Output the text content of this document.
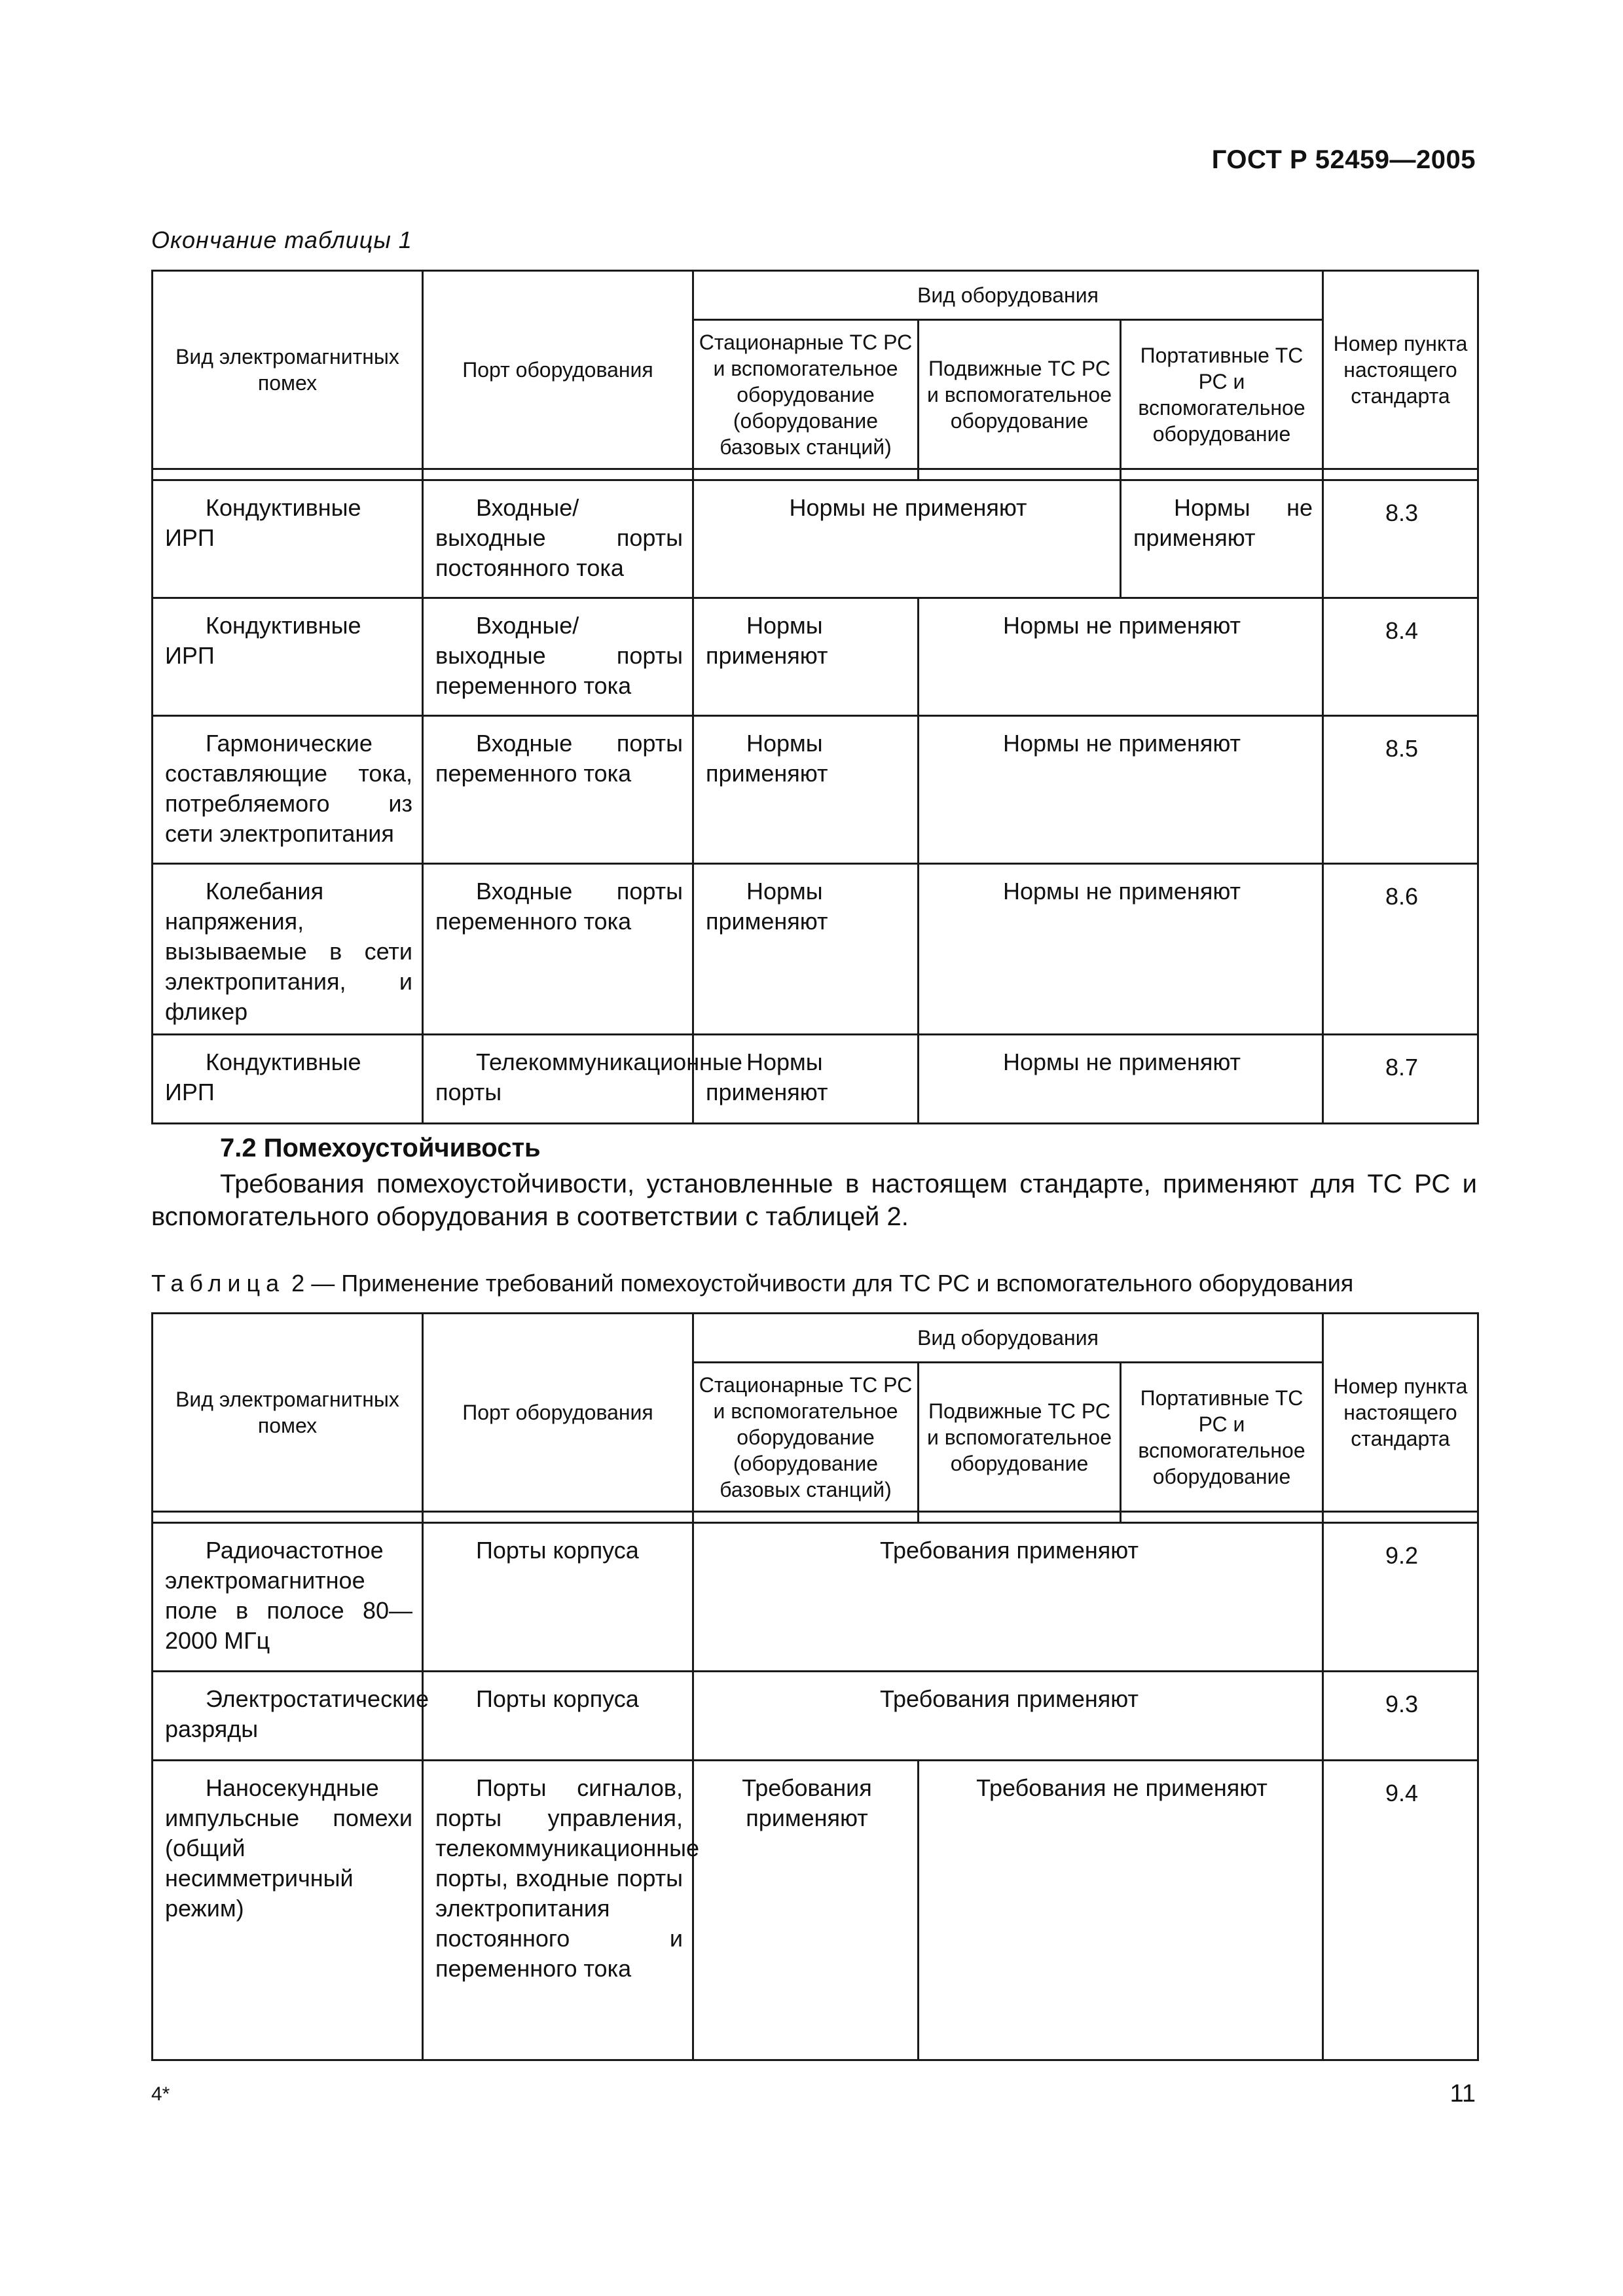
ГОСТ Р 52459—2005
Окончание таблицы 1
Вид электромагнитных помех	Порт оборудования	Вид оборудования			Номер пункта настоящего стандарта
		Стационарные ТС РС и вспомогательное оборудование (оборудование базовых станций)	Подвижные ТС РС и вспомогательное оборудование	Портативные ТС РС и вспомогательное оборудование	

Кондуктивные ИРП	Входные/выходные порты постоянного тока	Нормы не применяют		Нормы не применяют	8.3
Кондуктивные ИРП	Входные/выходные порты переменного тока	Нормы применяют	Нормы не применяют		8.4
Гармонические составляющие тока, потребляемого из сети электропитания	Входные порты переменного тока	Нормы применяют	Нормы не применяют		8.5
Колебания напряжения, вызываемые в сети электропитания, и фликер	Входные порты переменного тока	Нормы применяют	Нормы не применяют		8.6
Кондуктивные ИРП	Телекоммуникационные порты	Нормы применяют	Нормы не применяют		8.7
7.2 Помехоустойчивость
Требования помехоустойчивости, установленные в настоящем стандарте, применяют для ТС РС и
вспомогательного оборудования в соответствии с таблицей 2.
Таблица 2 — Применение требований помехоустойчивости для ТС РС и вспомогательного оборудования
Вид электромагнитных помех	Порт оборудования	Вид оборудования			Номер пункта настоящего стандарта
		Стационарные ТС РС и вспомогательное оборудование (оборудование базовых станций)	Подвижные ТС РС и вспомогательное оборудование	Портативные ТС РС и вспомогательное оборудование	

Радиочастотное электромагнитное поле в полосе 80—2000 МГц	Порты корпуса	Требования применяют			9.2
Электростатические разряды	Порты корпуса	Требования применяют			9.3
Наносекундные импульсные помехи (общий несимметричный режим)	Порты сигналов, порты управления, телекоммуникационные порты, входные порты электропитания постоянного и переменного тока	Требования применяют	Требования не применяют		9.4
4*	11
